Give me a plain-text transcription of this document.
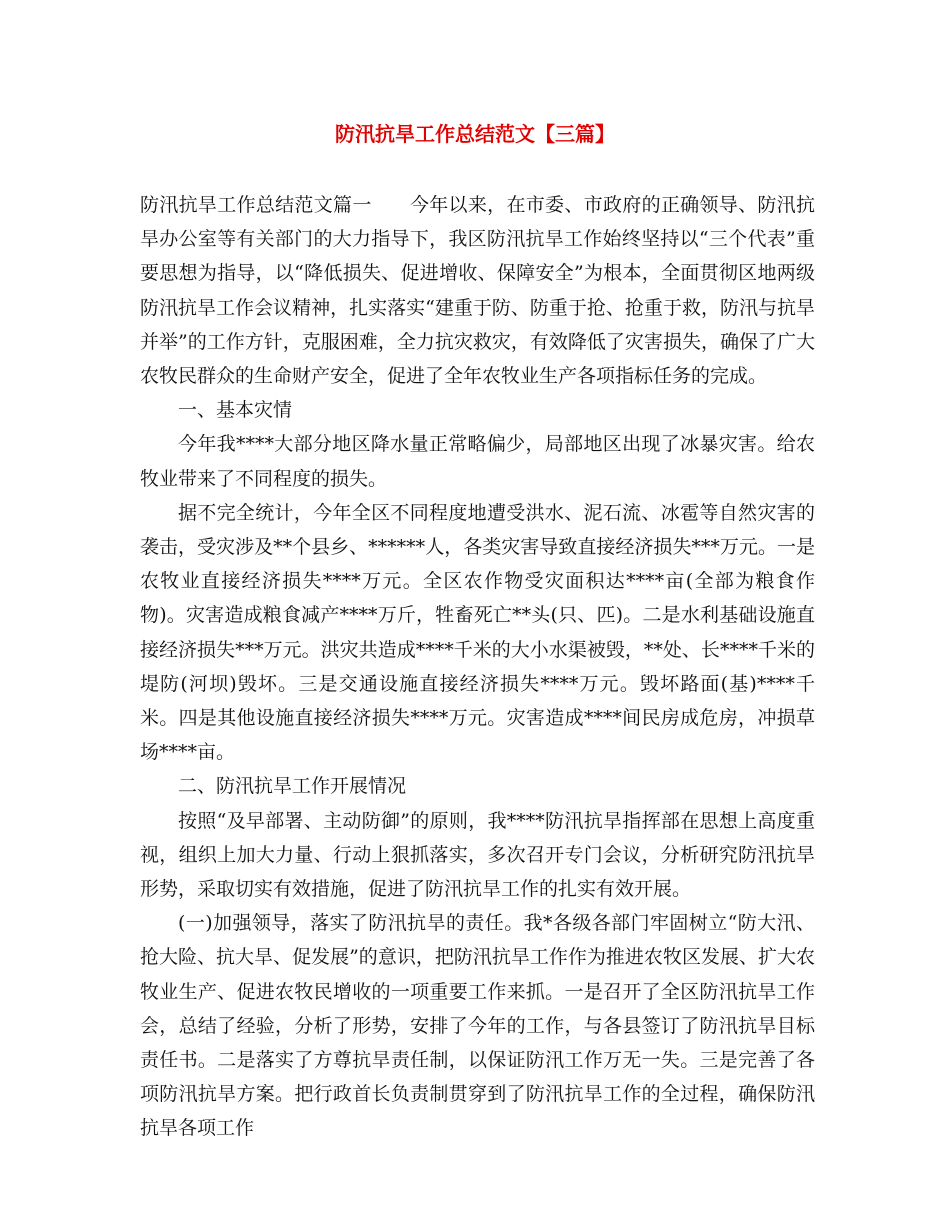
防汛抗旱工作总结范文【三篇】

防汛抗旱工作总结范文篇一 今年以来，在市委、市政府的正确领导、防汛抗旱办公室等有关部门的大力指导下，我区防汛抗旱工作始终坚持以“三个代表”重要思想为指导，以“降低损失、促进增收、保障安全”为根本，全面贯彻区地两级防汛抗旱工作会议精神，扎实落实“建重于防、防重于抢、抢重于救，防汛与抗旱并举”的工作方针，克服困难，全力抗灾救灾，有效降低了灾害损失，确保了广大农牧民群众的生命财产安全，促进了全年农牧业生产各项指标任务的完成。

一、基本灾情

今年我****大部分地区降水量正常略偏少，局部地区出现了冰暴灾害。给农牧业带来了不同程度的损失。

据不完全统计，今年全区不同程度地遭受洪水、泥石流、冰雹等自然灾害的袭击，受灾涉及**个县乡、******人，各类灾害导致直接经济损失***万元。一是农牧业直接经济损失****万元。全区农作物受灾面积达****亩(全部为粮食作物)。灾害造成粮食减产****万斤，牲畜死亡**头(只、匹)。二是水利基础设施直接经济损失***万元。洪灾共造成****千米的大小水渠被毁，**处、长****千米的堤防(河坝)毁坏。三是交通设施直接经济损失****万元。毁坏路面(基)****千米。四是其他设施直接经济损失****万元。灾害造成****间民房成危房，冲损草场****亩。

二、防汛抗旱工作开展情况

按照“及早部署、主动防御”的原则，我****防汛抗旱指挥部在思想上高度重视，组织上加大力量、行动上狠抓落实，多次召开专门会议，分析研究防汛抗旱形势，采取切实有效措施，促进了防汛抗旱工作的扎实有效开展。

(一)加强领导，落实了防汛抗旱的责任。我*各级各部门牢固树立“防大汛、抢大险、抗大旱、促发展”的意识，把防汛抗旱工作作为推进农牧区发展、扩大农牧业生产、促进农牧民增收的一项重要工作来抓。一是召开了全区防汛抗旱工作会，总结了经验，分析了形势，安排了今年的工作，与各县签订了防汛抗旱目标责任书。二是落实了方尊抗旱责任制，以保证防汛工作万无一失。三是完善了各项防汛抗旱方案。把行政首长负责制贯穿到了防汛抗旱工作的全过程，确保防汛抗旱各项工作
